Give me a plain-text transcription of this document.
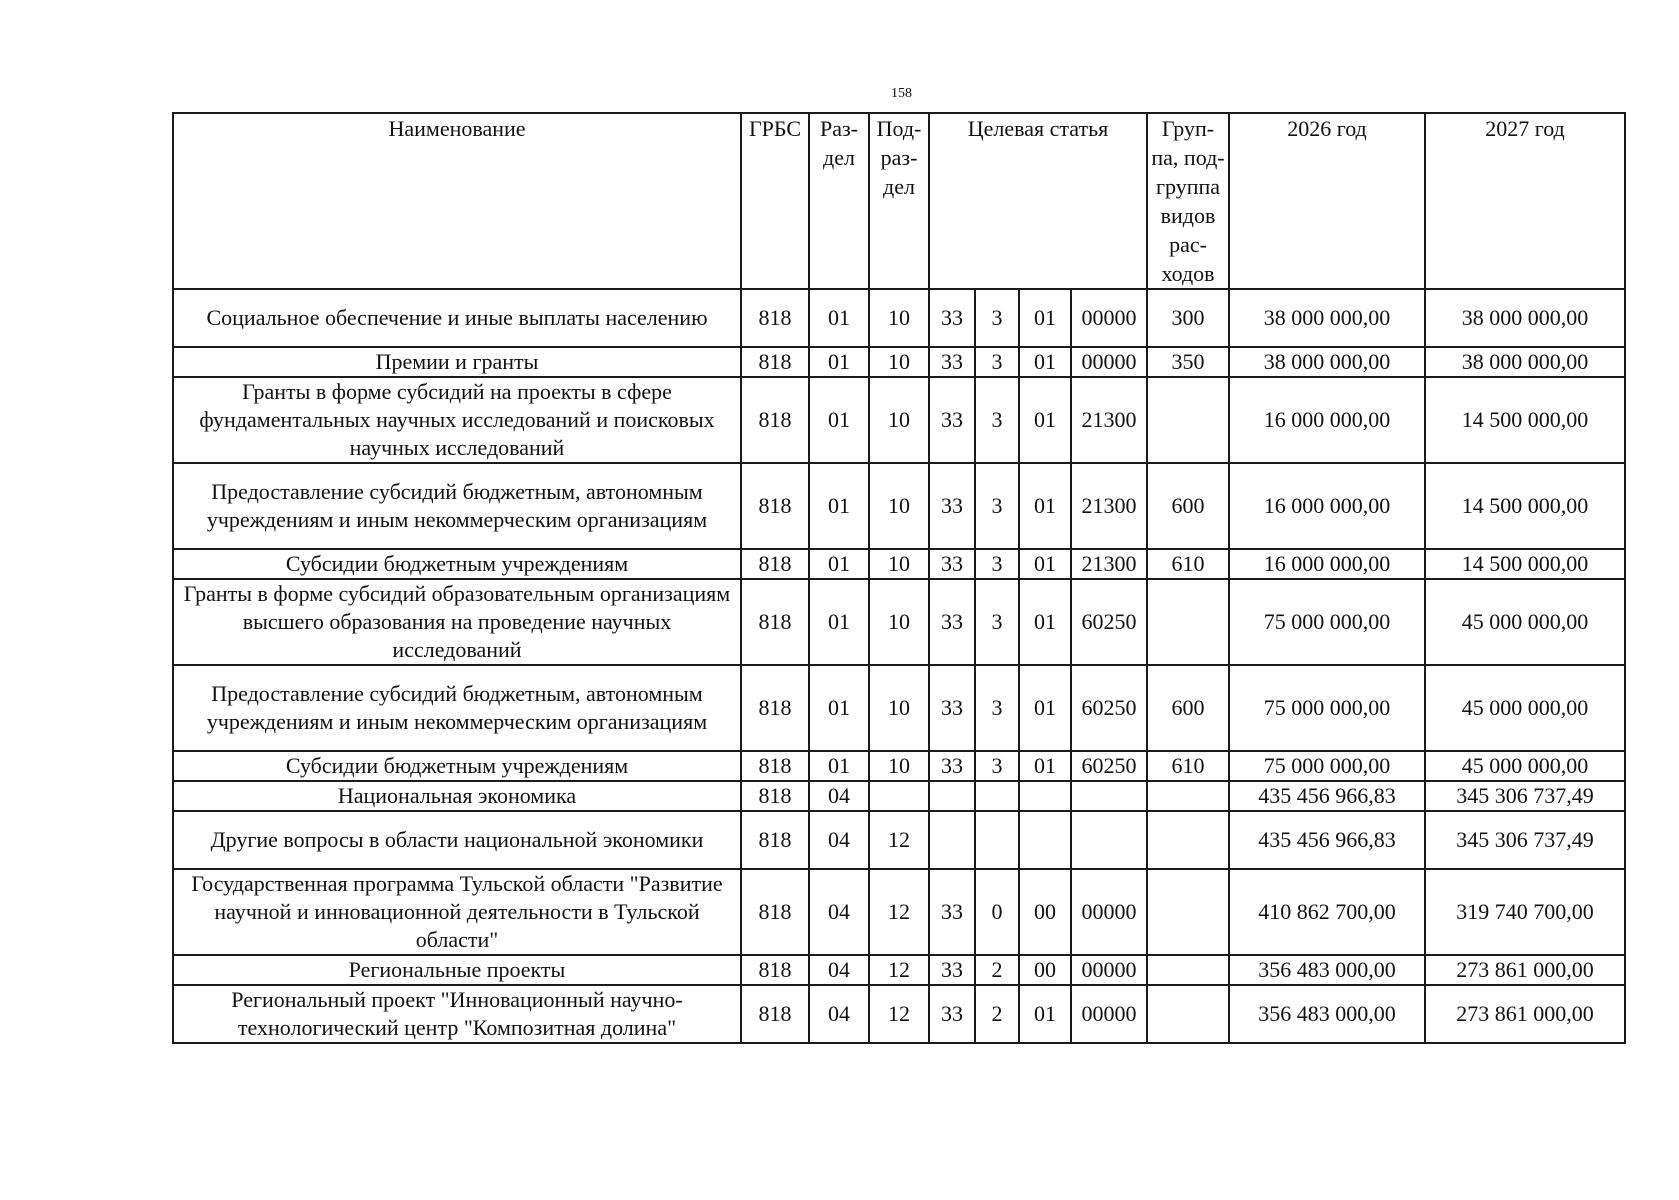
158
Наименование	ГРБС	Раз-дел	Под-раз-дел	Целевая статья				Груп-па, под-группа видов рас-ходов	2026 год	2027 год
Социальное обеспечение и иные выплаты населению	818	01	10	33	3	01	00000	300	38 000 000,00	38 000 000,00
Премии и гранты	818	01	10	33	3	01	00000	350	38 000 000,00	38 000 000,00
Гранты в форме субсидий на проекты в сфере фундаментальных научных исследований и поисковых научных исследований	818	01	10	33	3	01	21300		16 000 000,00	14 500 000,00
Предоставление субсидий бюджетным, автономным учреждениям и иным некоммерческим организациям	818	01	10	33	3	01	21300	600	16 000 000,00	14 500 000,00
Субсидии бюджетным учреждениям	818	01	10	33	3	01	21300	610	16 000 000,00	14 500 000,00
Гранты в форме субсидий образовательным организациям высшего образования на проведение научных исследований	818	01	10	33	3	01	60250		75 000 000,00	45 000 000,00
Предоставление субсидий бюджетным, автономным учреждениям и иным некоммерческим организациям	818	01	10	33	3	01	60250	600	75 000 000,00	45 000 000,00
Субсидии бюджетным учреждениям	818	01	10	33	3	01	60250	610	75 000 000,00	45 000 000,00
Национальная экономика	818	04							435 456 966,83	345 306 737,49
Другие вопросы в области национальной экономики	818	04	12						435 456 966,83	345 306 737,49
Государственная программа Тульской области "Развитие научной и инновационной деятельности в Тульской области"	818	04	12	33	0	00	00000		410 862 700,00	319 740 700,00
Региональные проекты	818	04	12	33	2	00	00000		356 483 000,00	273 861 000,00
Региональный проект "Инновационный научно-технологический центр "Композитная долина"	818	04	12	33	2	01	00000		356 483 000,00	273 861 000,00
